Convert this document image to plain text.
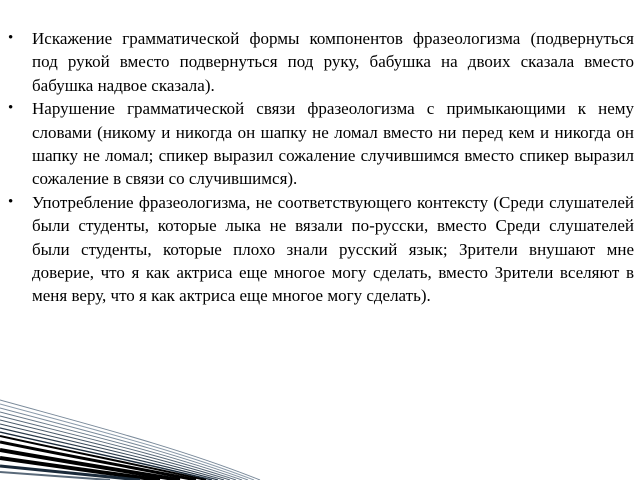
• Искажение грамматической формы компонентов фразеологизма (подвернуться под рукой вместо подвернуться под руку, бабушка на двоих сказала вместо бабушка надвое сказала).
• Нарушение грамматической связи фразеологизма с примыкающими к нему словами (никому и никогда он шапку не ломал вместо ни перед кем и никогда он шапку не ломал; спикер выразил сожаление случившимся вместо спикер выразил сожаление в связи со случившимся).
• Употребление фразеологизма, не соответствующего контексту (Среди слушателей были студенты, которые лыка не вязали по-русски, вместо Среди слушателей были студенты, которые плохо знали русский язык; Зрители внушают мне доверие, что я как актриса еще многое могу сделать, вместо Зрители вселяют в меня веру, что я как актриса еще многое могу сделать).
